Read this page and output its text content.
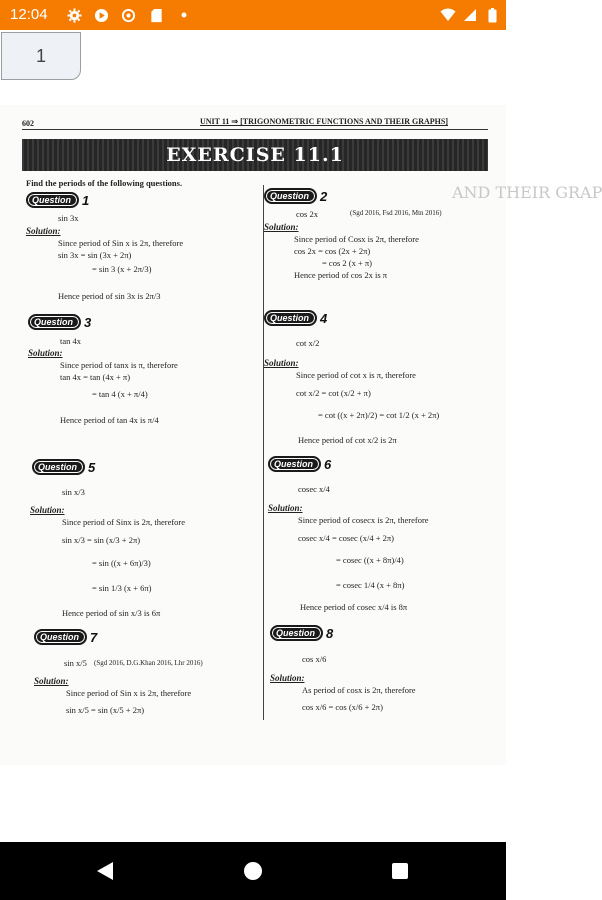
12:04
1
AND THEIR GRAP
602	UNIT 11 ⇒ [TRIGONOMETRIC FUNCTIONS AND THEIR GRAPHS]
EXERCISE 11.1
Find the periods of the following questions.
Question 1
sin 3x
Solution:
Since period of Sin x is 2π, therefore
sin 3x = sin (3x + 2π)
= sin 3 (x + 2π/3)
Hence period of sin 3x is 2π/3
Question 3
tan 4x
Solution:
Since period of tanx is π, therefore
tan 4x = tan (4x + π)
= tan 4 (x + π/4)
Hence period of tan 4x is π/4
Question 5
sin x/3
Solution:
Since period of Sinx is 2π, therefore
sin x/3 = sin (x/3 + 2π)
= sin ((x + 6π)/3)
= sin 1/3 (x + 6π)
Hence period of sin x/3 is 6π
Question 7
sin x/5 (Sgd 2016, D.G.Khan 2016, Lhr 2016)
Solution:
Since period of Sin x is 2π, therefore
sin x/5 = sin (x/5 + 2π)
Question 2
cos 2x	(Sgd 2016, Fsd 2016, Mtn 2016)
Solution:
Since period of Cosx is 2π, therefore
cos 2x = cos (2x + 2π)
= cos 2 (x + π)
Hence period of cos 2x is π
Question 4
cot x/2
Solution:
Since period of cot x is π, therefore
cot x/2 = cot (x/2 + π)
= cot ((x + 2π)/2) = cot 1/2 (x + 2π)
Hence period of cot x/2 is 2π
Question 6
cosec x/4
Solution:
Since period of cosecx is 2π, therefore
cosec x/4 = cosec (x/4 + 2π)
= cosec ((x + 8π)/4)
= cosec 1/4 (x + 8π)
Hence period of cosec x/4 is 8π
Question 8
cos x/6
Solution:
As period of cosx is 2π, therefore
cos x/6 = cos (x/6 + 2π)
